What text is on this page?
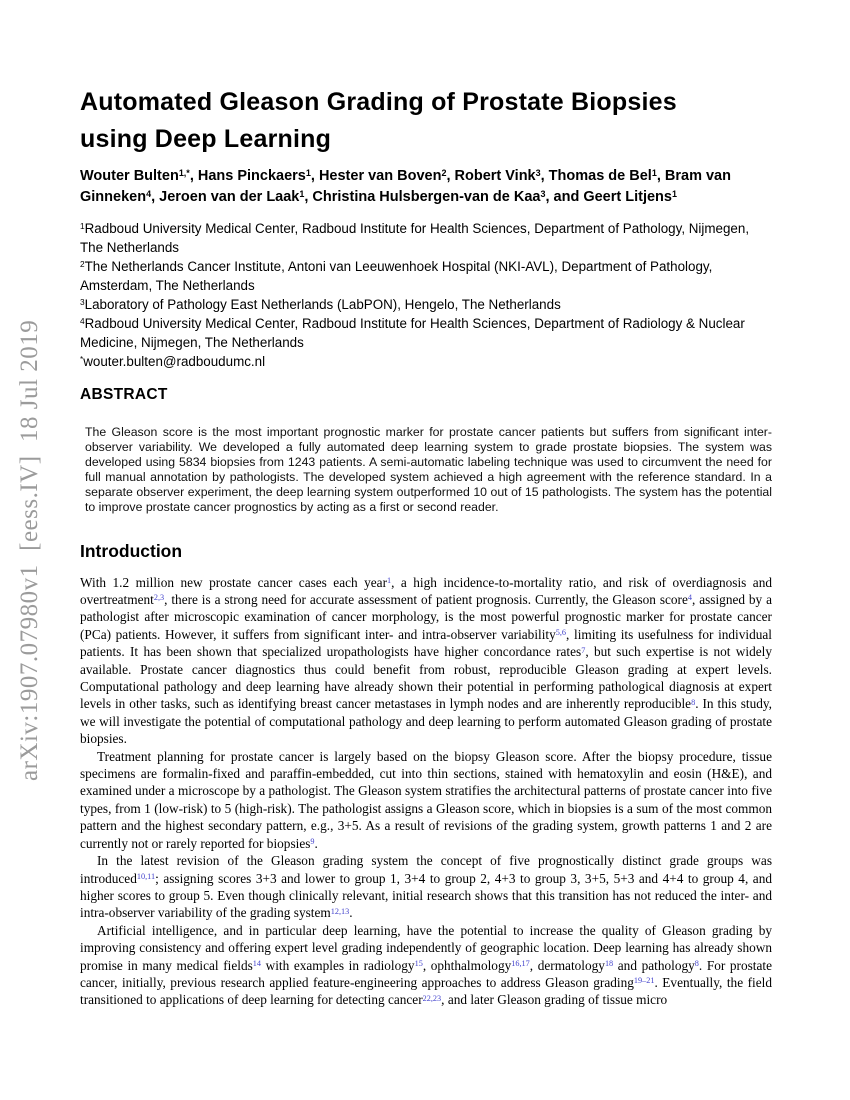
arXiv:1907.07980v1  [eess.IV]  18 Jul 2019
Automated Gleason Grading of Prostate Biopsies
using Deep Learning

Wouter Bulten$^{1,*}$, Hans Pinckaers$^1$, Hester van Boven$^2$, Robert Vink$^3$, Thomas de Bel$^1$, Bram van Ginneken$^4$, Jeroen van der Laak$^1$, Christina Hulsbergen-van de Kaa$^3$, and Geert Litjens$^1$

$^1$Radboud University Medical Center, Radboud Institute for Health Sciences, Department of Pathology, Nijmegen, The Netherlands

$^2$The Netherlands Cancer Institute, Antoni van Leeuwenhoek Hospital (NKI-AVL), Department of Pathology, Amsterdam, The Netherlands

$^3$Laboratory of Pathology East Netherlands (LabPON), Hengelo, The Netherlands

$^4$Radboud University Medical Center, Radboud Institute for Health Sciences, Department of Radiology & Nuclear Medicine, Nijmegen, The Netherlands

*wouter.bulten@radboudumc.nl

ABSTRACT

The Gleason score is the most important prognostic marker for prostate cancer patients but suffers from significant inter-observer variability. We developed a fully automated deep learning system to grade prostate biopsies. The system was developed using 5834 biopsies from 1243 patients. A semi-automatic labeling technique was used to circumvent the need for full manual annotation by pathologists. The developed system achieved a high agreement with the reference standard. In a separate observer experiment, the deep learning system outperformed 10 out of 15 pathologists. The system has the potential to improve prostate cancer prognostics by acting as a first or second reader.

Introduction

With 1.2 million new prostate cancer cases each year$^1$, a high incidence-to-mortality ratio, and risk of overdiagnosis and overtreatment$^{2,3}$, there is a strong need for accurate assessment of patient prognosis. Currently, the Gleason score$^4$, assigned by a pathologist after microscopic examination of cancer morphology, is the most powerful prognostic marker for prostate cancer (PCa) patients. However, it suffers from significant inter- and intra-observer variability$^{5,6}$, limiting its usefulness for individual patients. It has been shown that specialized uropathologists have higher concordance rates$^7$, but such expertise is not widely available. Prostate cancer diagnostics thus could benefit from robust, reproducible Gleason grading at expert levels. Computational pathology and deep learning have already shown their potential in performing pathological diagnosis at expert levels in other tasks, such as identifying breast cancer metastases in lymph nodes and are inherently reproducible$^8$. In this study, we will investigate the potential of computational pathology and deep learning to perform automated Gleason grading of prostate biopsies.

Treatment planning for prostate cancer is largely based on the biopsy Gleason score. After the biopsy procedure, tissue specimens are formalin-fixed and paraffin-embedded, cut into thin sections, stained with hematoxylin and eosin (H&E), and examined under a microscope by a pathologist. The Gleason system stratifies the architectural patterns of prostate cancer into five types, from 1 (low-risk) to 5 (high-risk). The pathologist assigns a Gleason score, which in biopsies is a sum of the most common pattern and the highest secondary pattern, e.g., 3+5. As a result of revisions of the grading system, growth patterns 1 and 2 are currently not or rarely reported for biopsies$^9$.

In the latest revision of the Gleason grading system the concept of five prognostically distinct grade groups was introduced$^{10,11}$; assigning scores 3+3 and lower to group 1, 3+4 to group 2, 4+3 to group 3, 3+5, 5+3 and 4+4 to group 4, and higher scores to group 5. Even though clinically relevant, initial research shows that this transition has not reduced the inter- and intra-observer variability of the grading system$^{12,13}$.

Artificial intelligence, and in particular deep learning, have the potential to increase the quality of Gleason grading by improving consistency and offering expert level grading independently of geographic location. Deep learning has already shown promise in many medical fields$^{14}$ with examples in radiology$^{15}$, ophthalmology$^{16,17}$, dermatology$^{18}$ and pathology$^8$. For prostate cancer, initially, previous research applied feature-engineering approaches to address Gleason grading$^{19-21}$. Eventually, the field transitioned to applications of deep learning for detecting cancer$^{22,23}$, and later Gleason grading of tissue micro
